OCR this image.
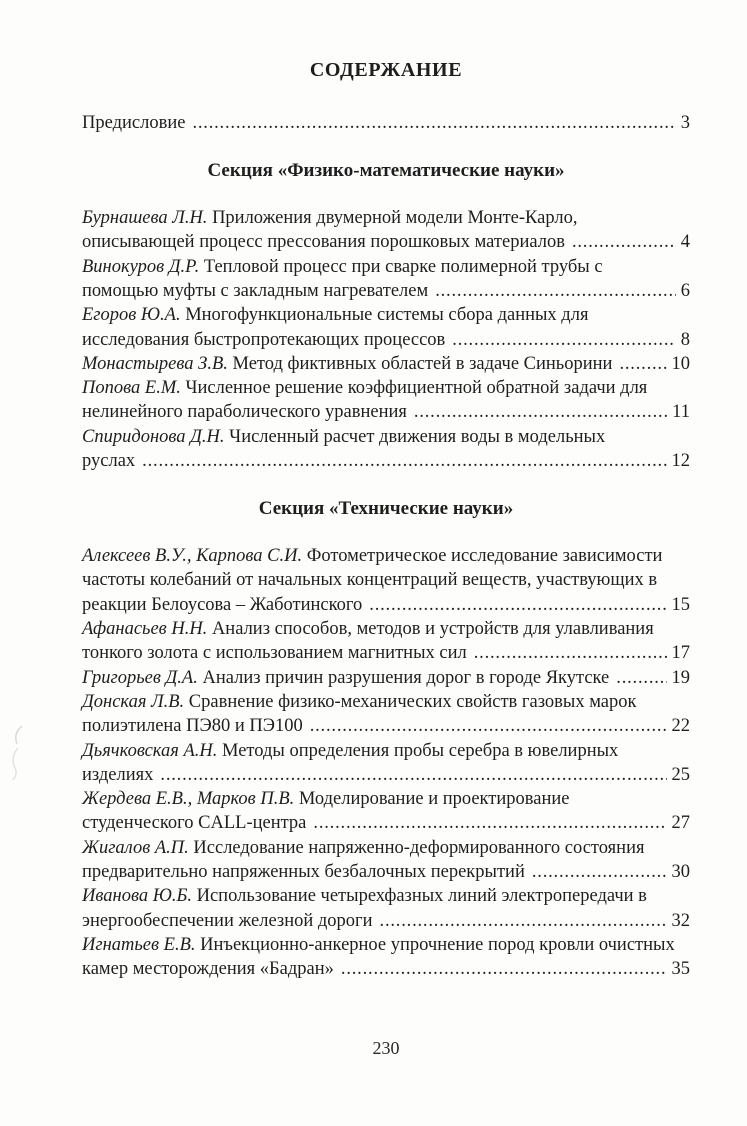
СОДЕРЖАНИЕ
Предисловие .....	3
Секция «Физико-математические науки»
Бурнашева Л.Н. Приложения двумерной модели Монте-Карло,
описывающей процесс прессования порошковых материалов .....	4
Винокуров Д.Р. Тепловой процесс при сварке полимерной трубы с
помощью муфты с закладным нагревателем .....	6
Егоров Ю.А. Многофункциональные системы сбора данных для
исследования быстропротекающих процессов .....	8
Монастырева З.В. Метод фиктивных областей в задаче Синьорини .....	10
Попова Е.М. Численное решение коэффициентной обратной задачи для
нелинейного параболического уравнения .....	11
Спиридонова Д.Н. Численный расчет движения воды в модельных
руслах .....	12
Секция «Технические науки»
Алексеев В.У., Карпова С.И. Фотометрическое исследование зависимости
частоты колебаний от начальных концентраций веществ, участвующих в
реакции Белоусова – Жаботинского .....	15
Афанасьев Н.Н. Анализ способов, методов и устройств для улавливания
тонкого золота с использованием магнитных сил .....	17
Григорьев Д.А. Анализ причин разрушения дорог в городе Якутске .....	19
Донская Л.В. Сравнение физико-механических свойств газовых марок
полиэтилена ПЭ80 и ПЭ100 .....	22
Дьячковская А.Н. Методы определения пробы серебра в ювелирных
изделиях .....	25
Жердева Е.В., Марков П.В. Моделирование и проектирование
студенческого CALL-центра .....	27
Жигалов А.П. Исследование напряженно-деформированного состояния
предварительно напряженных безбалочных перекрытий .....	30
Иванова Ю.Б. Использование четырехфазных линий электропередачи в
энергообеспечении железной дороги .....	32
Игнатьев Е.В. Инъекционно-анкерное упрочнение пород кровли очистных
камер месторождения «Бадран» .....	35
230
